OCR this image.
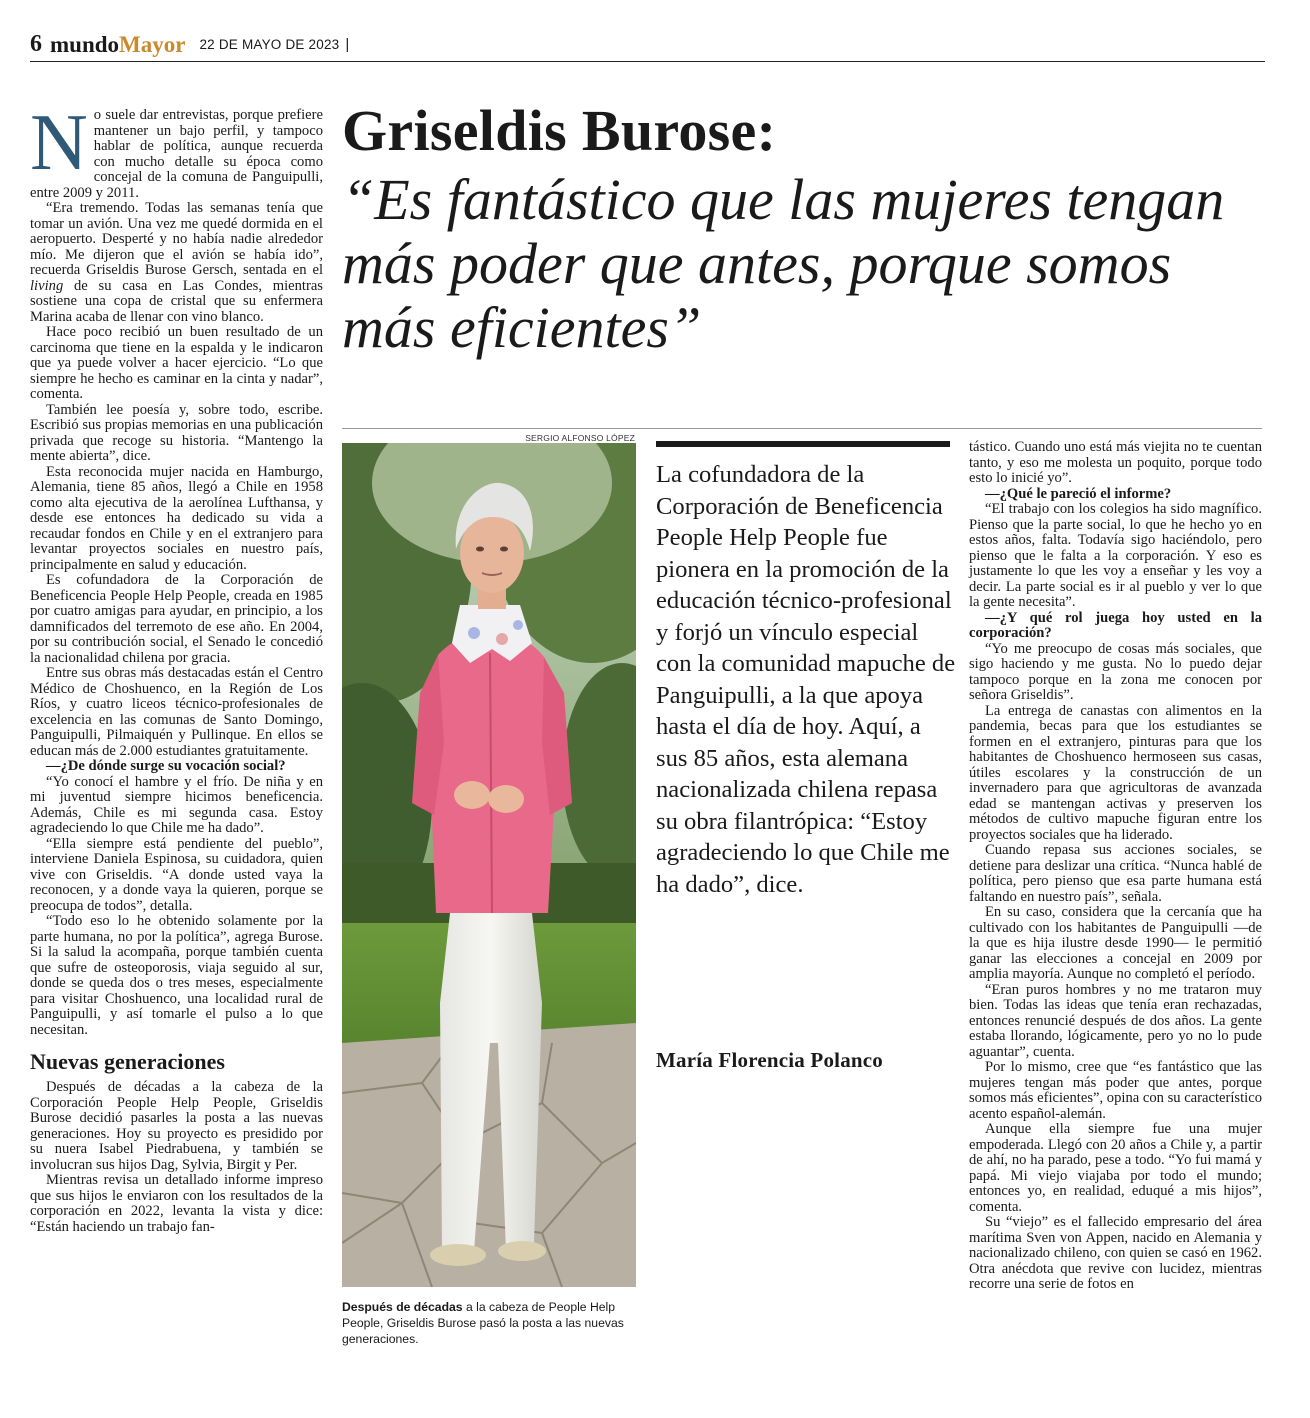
6 mundo Mayor 22 DE MAYO DE 2023 |
N o suele dar entrevistas, porque prefiere mantener un bajo perfil, y tampoco hablar de política, aunque recuerda con mucho detalle su época como concejal de la comuna de Panguipulli, entre 2009 y 2011.

“Era tremendo. Todas las semanas tenía que tomar un avión. Una vez me quedé dormida en el aeropuerto. Desperté y no había nadie alrededor mío. Me dijeron que el avión se había ido”, recuerda Griseldis Burose Gersch, sentada en el living de su casa en Las Condes, mientras sostiene una copa de cristal que su enfermera Marina acaba de llenar con vino blanco.

Hace poco recibió un buen resultado de un carcinoma que tiene en la espalda y le indicaron que ya puede volver a hacer ejercicio. “Lo que siempre he hecho es caminar en la cinta y nadar”, comenta.

También lee poesía y, sobre todo, escribe. Escribió sus propias memorias en una publicación privada que recoge su historia. “Mantengo la mente abierta”, dice.

Esta reconocida mujer nacida en Hamburgo, Alemania, tiene 85 años, llegó a Chile en 1958 como alta ejecutiva de la aerolínea Lufthansa, y desde ese entonces ha dedicado su vida a recaudar fondos en Chile y en el extranjero para levantar proyectos sociales en nuestro país, principalmente en salud y educación.

Es cofundadora de la Corporación de Beneficencia People Help People, creada en 1985 por cuatro amigas para ayudar, en principio, a los damnificados del terremoto de ese año. En 2004, por su contribución social, el Senado le concedió la nacionalidad chilena por gracia.

Entre sus obras más destacadas están el Centro Médico de Choshuenco, en la Región de Los Ríos, y cuatro liceos técnico-profesionales de excelencia en las comunas de Santo Domingo, Panguipulli, Pilmaiquén y Pullinque. En ellos se educan más de 2.000 estudiantes gratuitamente.

—¿De dónde surge su vocación social?

“Yo conocí el hambre y el frío. De niña y en mi juventud siempre hicimos beneficencia. Además, Chile es mi segunda casa. Estoy agradeciendo lo que Chile me ha dado”.

“Ella siempre está pendiente del pueblo”, interviene Daniela Espinosa, su cuidadora, quien vive con Griseldis. “A donde usted vaya la reconocen, y a donde vaya la quieren, porque se preocupa de todos”, detalla.

“Todo eso lo he obtenido solamente por la parte humana, no por la política”, agrega Burose. Si la salud la acompaña, porque también cuenta que sufre de osteoporosis, viaja seguido al sur, donde se queda dos o tres meses, especialmente para visitar Choshuenco, una localidad rural de Panguipulli, y así tomarle el pulso a lo que necesitan.

Nuevas generaciones

Después de décadas a la cabeza de la Corporación People Help People, Griseldis Burose decidió pasarles la posta a las nuevas generaciones. Hoy su proyecto es presidido por su nuera Isabel Piedrabuena, y también se involucran sus hijos Dag, Sylvia, Birgit y Per.

Mientras revisa un detallado informe impreso que sus hijos le enviaron con los resultados de la corporación en 2022, levanta la vista y dice: “Están haciendo un trabajo fan-

Griseldis Burose:
“Es fantástico que las mujeres tengan más poder que antes, porque somos más eficientes”
SERGIO ALFONSO LÓPEZ
Después de décadas a la cabeza de People Help People, Griseldis Burose pasó la posta a las nuevas generaciones.
La cofundadora de la Corporación de Beneficencia People Help People fue pionera en la promoción de la educación técnico-profesional y forjó un vínculo especial con la comunidad mapuche de Panguipulli, a la que apoya hasta el día de hoy. Aquí, a sus 85 años, esta alemana nacionalizada chilena repasa su obra filantrópica: “Estoy agradeciendo lo que Chile me ha dado”, dice.
María Florencia Polanco

tástico. Cuando uno está más viejita no te cuentan tanto, y eso me molesta un poquito, porque todo esto lo inicié yo”.

—¿Qué le pareció el informe?

“El trabajo con los colegios ha sido magnífico. Pienso que la parte social, lo que he hecho yo en estos años, falta. Todavía sigo haciéndolo, pero pienso que le falta a la corporación. Y eso es justamente lo que les voy a enseñar y les voy a decir. La parte social es ir al pueblo y ver lo que la gente necesita”.

—¿Y qué rol juega hoy usted en la corporación?

“Yo me preocupo de cosas más sociales, que sigo haciendo y me gusta. No lo puedo dejar tampoco porque en la zona me conocen por señora Griseldis”.

La entrega de canastas con alimentos en la pandemia, becas para que los estudiantes se formen en el extranjero, pinturas para que los habitantes de Choshuenco hermoseen sus casas, útiles escolares y la construcción de un invernadero para que agricultoras de avanzada edad se mantengan activas y preserven los métodos de cultivo mapuche figuran entre los proyectos sociales que ha liderado.

Cuando repasa sus acciones sociales, se detiene para deslizar una crítica. “Nunca hablé de política, pero pienso que esa parte humana está faltando en nuestro país”, señala.

En su caso, considera que la cercanía que ha cultivado con los habitantes de Panguipulli —de la que es hija ilustre desde 1990— le permitió ganar las elecciones a concejal en 2009 por amplia mayoría. Aunque no completó el período.

“Eran puros hombres y no me trataron muy bien. Todas las ideas que tenía eran rechazadas, entonces renuncié después de dos años. La gente estaba llorando, lógicamente, pero yo no lo pude aguantar”, cuenta.

Por lo mismo, cree que “es fantástico que las mujeres tengan más poder que antes, porque somos más eficientes”, opina con su característico acento español-alemán.

Aunque ella siempre fue una mujer empoderada. Llegó con 20 años a Chile y, a partir de ahí, no ha parado, pese a todo. “Yo fui mamá y papá. Mi viejo viajaba por todo el mundo; entonces yo, en realidad, eduqué a mis hijos”, comenta.

Su “viejo” es el fallecido empresario del área marítima Sven von Appen, nacido en Alemania y nacionalizado chileno, con quien se casó en 1962. Otra anécdota que revive con lucidez, mientras recorre una serie de fotos en
